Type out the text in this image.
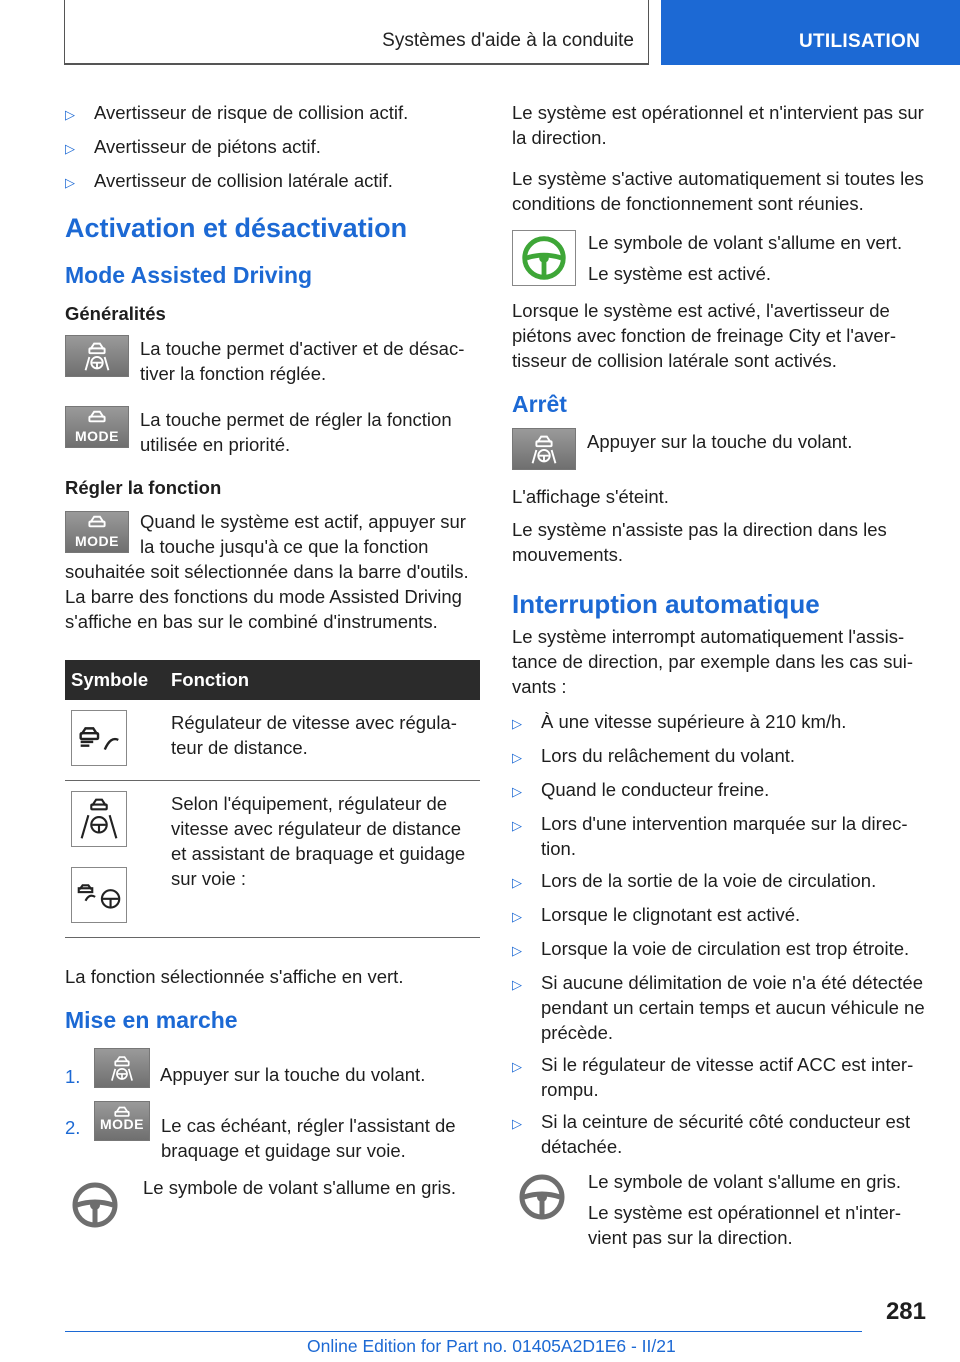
Systèmes d'aide à la conduite	UTILISATION
▷	Avertisseur de risque de collision actif.
▷	Avertisseur de piétons actif.
▷	Avertisseur de collision latérale actif.
Activation et désactivation
Mode Assisted Driving
Généralités
La touche permet d'activer et de désactiver la fonction réglée.
MODE
La touche permet de régler la fonction utilisée en priorité.
Régler la fonction
MODE

Quand le système est actif, appuyer sur la touche jusqu'à ce que la fonction souhaitée soit sélectionnée dans la barre d'outils. La barre des fonctions du mode Assisted Driving s'affiche en bas sur le combiné d'instruments.

Symbole	Fonction

	Régulateur de vitesse avec régulateur de distance.

	Selon l'équipement, régulateur de vitesse avec régulateur de distance et assistant de braquage et guidage sur voie :

La fonction sélectionnée s'affiche en vert.

Mise en marche
1.	Appuyer sur la touche du volant.
2.	MODE Le cas échéant, régler l'assistant de braquage et guidage sur voie.
Le symbole de volant s'allume en gris.

Le système est opérationnel et n'intervient pas sur la direction.

Le système s'active automatiquement si toutes les conditions de fonctionnement sont réunies.

Le symbole de volant s'allume en vert.
Le système est activé.

Lorsque le système est activé, l'avertisseur de piétons avec fonction de freinage City et l'avertisseur de collision latérale sont activés.

Arrêt
Appuyer sur la touche du volant.

L'affichage s'éteint.

Le système n'assiste pas la direction dans les mouvements.

Interruption automatique

Le système interrompt automatiquement l'assistance de direction, par exemple dans les cas suivants :

▷	À une vitesse supérieure à 210 km/h.
▷	Lors du relâchement du volant.
▷	Quand le conducteur freine.
▷	Lors d'une intervention marquée sur la direction.
▷	Lors de la sortie de la voie de circulation.
▷	Lorsque le clignotant est activé.
▷	Lorsque la voie de circulation est trop étroite.
▷	Si aucune délimitation de voie n'a été détectée pendant un certain temps et aucun véhicule ne précède.
▷	Si le régulateur de vitesse actif ACC est interrompu.
▷	Si la ceinture de sécurité côté conducteur est détachée.
Le symbole de volant s'allume en gris.
Le système est opérationnel et n'intervient pas sur la direction.
281
Online Edition for Part no. 01405A2D1E6 - II/21
